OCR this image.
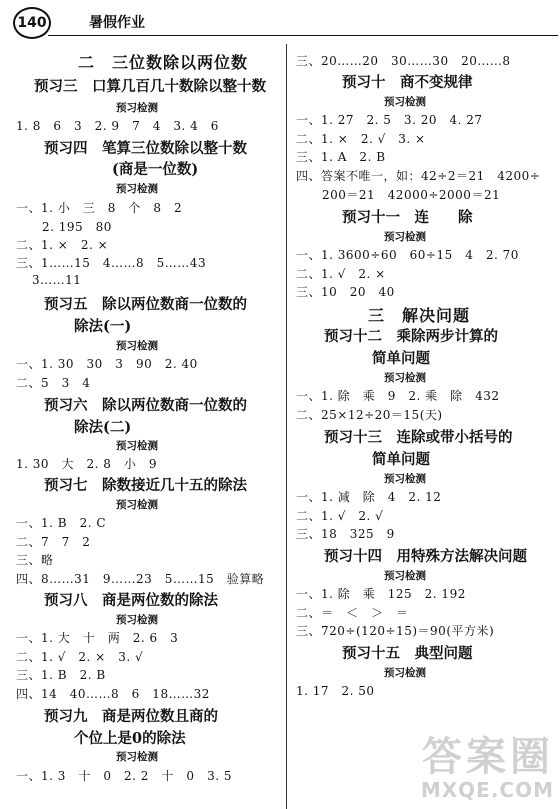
140	暑假作业
二　三位数除以两位数
预习三　口算几百几十数除以整十数
预习检测
1. 8　6　3　2. 9　7　4　3. 4　6
预习四　笔算三位数除以整十数
(商是一位数)
预习检测
一、1. 小　三　8　个　8　2
2. 195　80
二、1. ×　2. ×
三、1……15　4……8　5……43
3……11
预习五　除以两位数商一位数的
除法(一)
预习检测
一、1. 30　30　3　90　2. 40
二、5　3　4
预习六　除以两位数商一位数的
除法(二)
预习检测
1. 30　大　2. 8　小　9
预习七　除数接近几十五的除法
预习检测
一、1. B　2. C
二、7　7　2
三、略
四、8……31　9……23　5……15　验算略
预习八　商是两位数的除法
预习检测
一、1. 大　十　两　2. 6　3
二、1. √　2. ×　3. √
三、1. B　2. B
四、14　40……8　6　18……32
预习九　商是两位数且商的
个位上是0的除法
预习检测
一、1. 3　十　0　2. 2　十　0　3. 5
三、20……20　30……30　20……8
预习十　商不变规律
预习检测
一、1. 27　2. 5　3. 20　4. 27
二、1. ×　2. √　3. ×
三、1. A　2. B
四、答案不唯一，如：42÷2＝21　4200÷
200＝21　42000÷2000＝21
预习十一　连　　除
预习检测
一、1. 3600÷60　60÷15　4　2. 70
二、1. √　2. ×
三、10　20　40
三　解决问题
预习十二　乘除两步计算的
简单问题
预习检测
一、1. 除　乘　9　2. 乘　除　432
二、25×12÷20＝15(天)
预习十三　连除或带小括号的
简单问题
预习检测
一、1. 减　除　4　2. 12
二、1. √　2. √
三、18　325　9
预习十四　用特殊方法解决问题
预习检测
一、1. 除　乘　125　2. 192
二、＝　＜　＞　＝
三、720÷(120÷15)＝90(平方米)
预习十五　典型问题
预习检测
1. 17　2. 50
答案圈
MXQE.COM
